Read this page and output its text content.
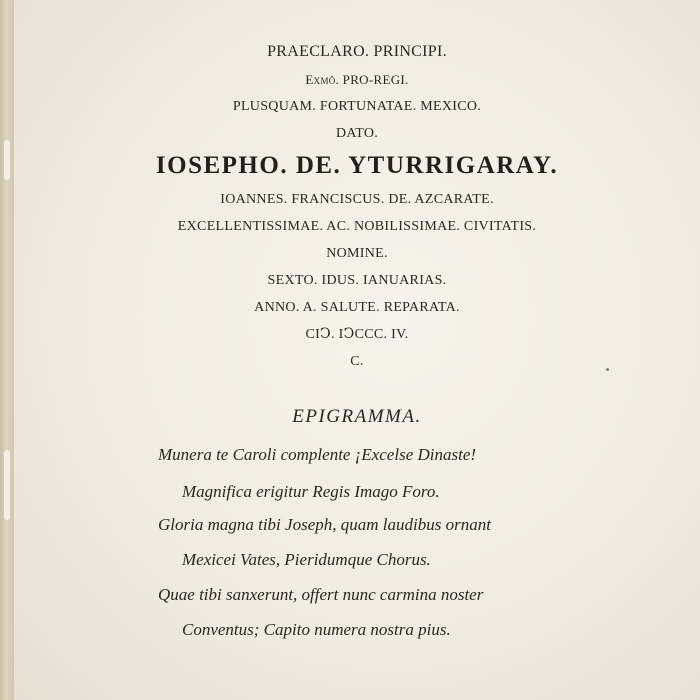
PRAECLARO. PRINCIPI.

Exmô. PRO-REGI.

PLUSQUAM. FORTUNATAE. MEXICO.

DATO.

IOSEPHO. DE. YTURRIGARAY.

IOANNES. FRANCISCUS. DE. AZCARATE.

EXCELLENTISSIMAE. AC. NOBILISSIMAE. CIVITATIS.

NOMINE.

SEXTO. IDUS. IANUARIAS.

ANNO. A. SALUTE. REPARATA.

CIↃ. IↃCCC. IV.

C.

EPIGRAMMA.
Munera te Caroli complente ¡Excelse Dinaste!
Magnifica erigitur Regis Imago Foro.
Gloria magna tibi Joseph, quam laudibus ornant
Mexicei Vates, Pieridumque Chorus.
Quae tibi sanxerunt, offert nunc carmina noster
Conventus; Capito numera nostra pius.
